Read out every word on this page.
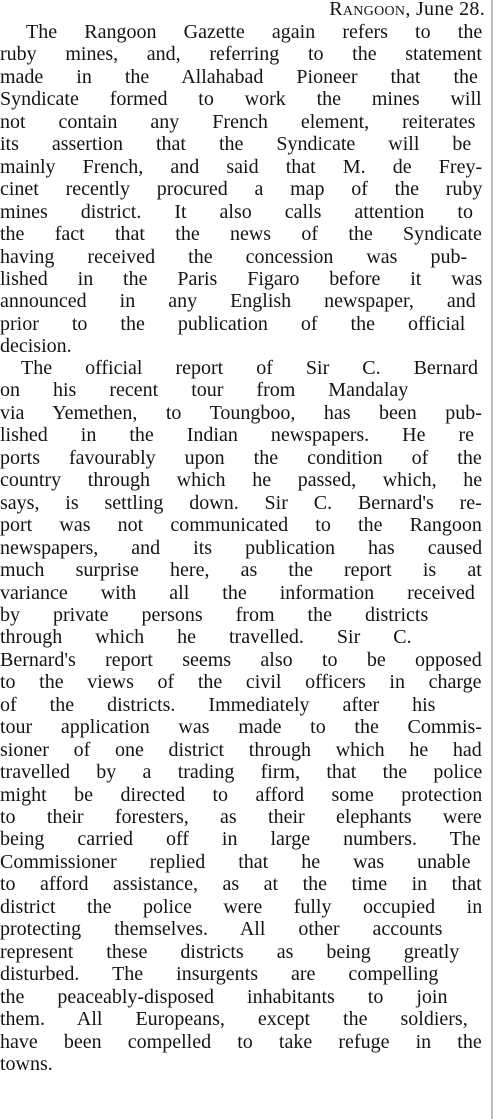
Rangoon, June 28.
The Rangoon Gazette again refers to the
ruby mines, and, referring to the statement
made in the Allahabad Pioneer that the
Syndicate formed to work the mines will
not contain any French element, reiterates
its assertion that the Syndicate will be
mainly French, and said that M. de Frey-
cinet recently procured a map of the ruby
mines district. It also calls attention to
the fact that the news of the Syndicate
having received the concession was pub-
lished in the Paris Figaro before it was
announced in any English newspaper, and
prior to the publication of the official
decision.
The official report of Sir C. Bernard
on his recent tour from Mandalay
via Yemethen, to Toungboo, has been pub-
lished in the Indian newspapers. He re
ports favourably upon the condition of the
country through which he passed, which, he
says, is settling down. Sir C. Bernard's re-
port was not communicated to the Rangoon
newspapers, and its publication has caused
much surprise here, as the report is at
variance with all the information received
by private persons from the districts
through which he travelled. Sir C.
Bernard's report seems also to be opposed
to the views of the civil officers in charge
of the districts. Immediately after his
tour application was made to the Commis-
sioner of one district through which he had
travelled by a trading firm, that the police
might be directed to afford some protection
to their foresters, as their elephants were
being carried off in large numbers. The
Commissioner replied that he was unable
to afford assistance, as at the time in that
district the police were fully occupied in
protecting themselves. All other accounts
represent these districts as being greatly
disturbed. The insurgents are compelling
the peaceably-disposed inhabitants to join
them. All Europeans, except the soldiers,
have been compelled to take refuge in the
towns.
